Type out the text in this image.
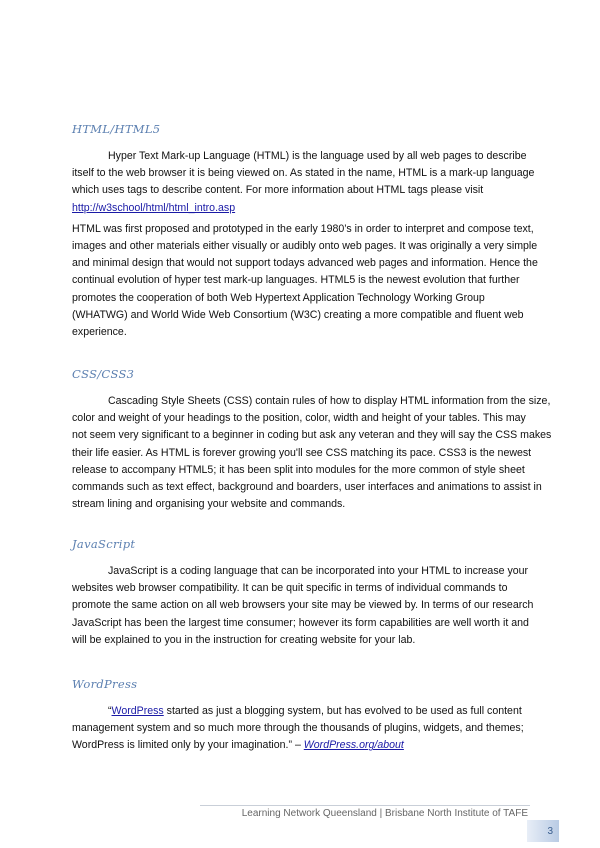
HTML/HTML5
Hyper Text Mark-up Language (HTML) is the language used by all web pages to describe
itself to the web browser it is being viewed on. As stated in the name, HTML is a mark-up language
which uses tags to describe content. For more information about HTML tags please visit
http://w3school/html/html_intro.asp
HTML was first proposed and prototyped in the early 1980’s in order to interpret and compose text,
images and other materials either visually or audibly onto web pages. It was originally a very simple
and minimal design that would not support todays advanced web pages and information. Hence the
continual evolution of hyper test mark-up languages. HTML5 is the newest evolution that further
promotes the cooperation of both Web Hypertext Application Technology Working Group
(WHATWG) and World Wide Web Consortium (W3C) creating a more compatible and fluent web
experience.
CSS/CSS3
Cascading Style Sheets (CSS) contain rules of how to display HTML information from the size,
color and weight of your headings to the position, color, width and height of your tables. This may
not seem very significant to a beginner in coding but ask any veteran and they will say the CSS makes
their life easier. As HTML is forever growing you'll see CSS matching its pace. CSS3 is the newest
release to accompany HTML5; it has been split into modules for the more common of style sheet
commands such as text effect, background and boarders, user interfaces and animations to assist in
stream lining and organising your website and commands.
JavaScript
JavaScript is a coding language that can be incorporated into your HTML to increase your
websites web browser compatibility. It can be quit specific in terms of individual commands to
promote the same action on all web browsers your site may be viewed by. In terms of our research
JavaScript has been the largest time consumer; however its form capabilities are well worth it and
will be explained to you in the instruction for creating website for your lab.
WordPress
“WordPress started as just a blogging system, but has evolved to be used as full content
management system and so much more through the thousands of plugins, widgets, and themes;
WordPress is limited only by your imagination.” – WordPress.org/about
Learning Network Queensland | Brisbane North Institute of TAFE
3
